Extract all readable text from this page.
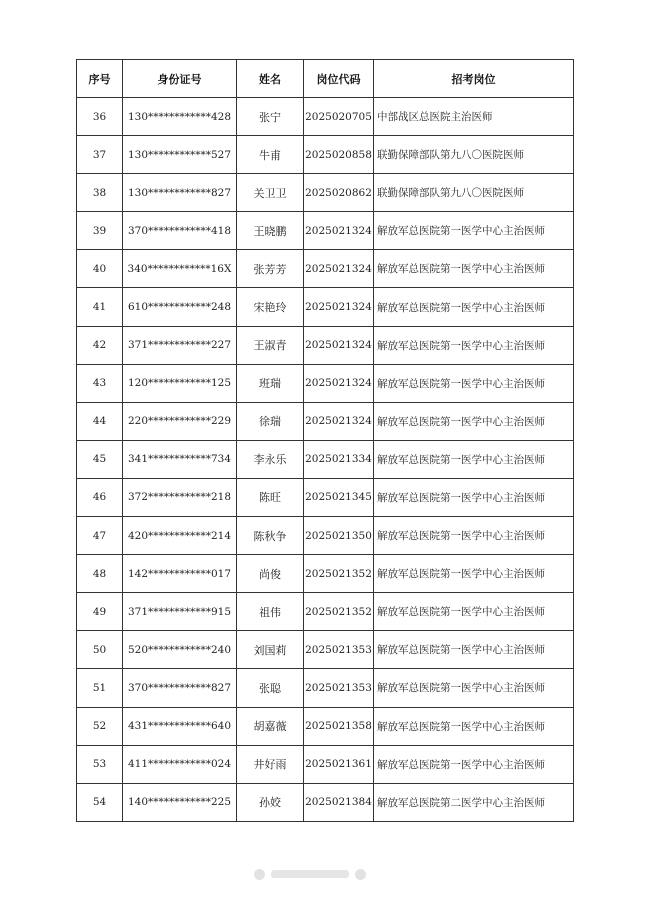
序号	身份证号	姓名	岗位代码	招考岗位
36	130************428	张宁	2025020705	中部战区总医院主治医师
37	130************527	牛甫	2025020858	联勤保障部队第九八〇医院医师
38	130************827	关卫卫	2025020862	联勤保障部队第九八〇医院医师
39	370************418	王晓鹏	2025021324	解放军总医院第一医学中心主治医师
40	340************16X	张芳芳	2025021324	解放军总医院第一医学中心主治医师
41	610************248	宋艳玲	2025021324	解放军总医院第一医学中心主治医师
42	371************227	王淑青	2025021324	解放军总医院第一医学中心主治医师
43	120************125	班瑞	2025021324	解放军总医院第一医学中心主治医师
44	220************229	徐瑞	2025021324	解放军总医院第一医学中心主治医师
45	341************734	李永乐	2025021334	解放军总医院第一医学中心主治医师
46	372************218	陈旺	2025021345	解放军总医院第一医学中心主治医师
47	420************214	陈秋争	2025021350	解放军总医院第一医学中心主治医师
48	142************017	尚俊	2025021352	解放军总医院第一医学中心主治医师
49	371************915	祖伟	2025021352	解放军总医院第一医学中心主治医师
50	520************240	刘国莉	2025021353	解放军总医院第一医学中心主治医师
51	370************827	张聪	2025021353	解放军总医院第一医学中心主治医师
52	431************640	胡嘉薇	2025021358	解放军总医院第一医学中心主治医师
53	411************024	井好雨	2025021361	解放军总医院第一医学中心主治医师
54	140************225	孙姣	2025021384	解放军总医院第二医学中心主治医师
